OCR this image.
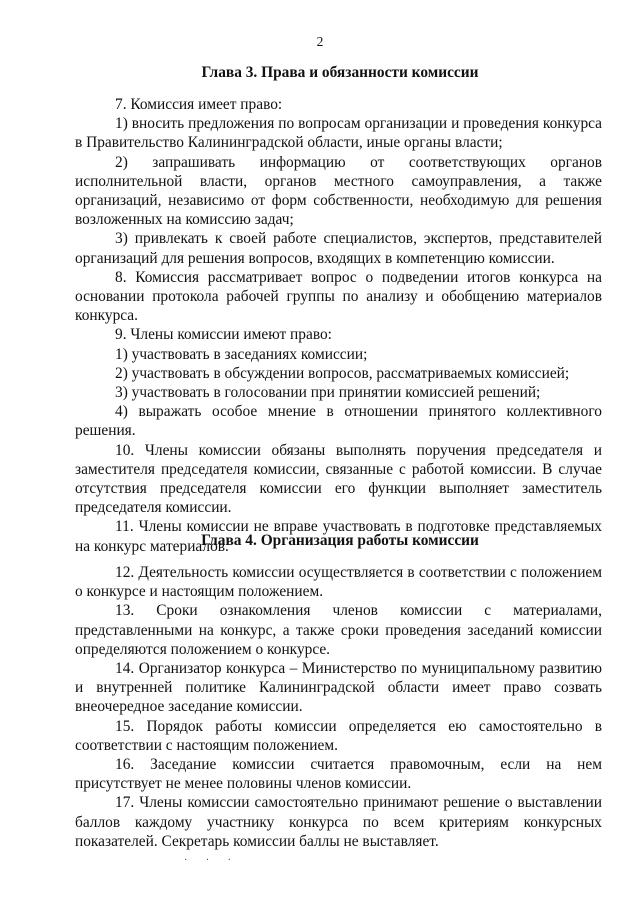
2
Глава 3. Права и обязанности комиссии

7. Комиссия имеет право:

1) вносить предложения по вопросам организации и проведения конкурса в Правительство Калининградской области, иные органы власти;

2) запрашивать информацию от соответствующих органов исполнительной власти, органов местного самоуправления, а также организаций, независимо от форм собственности, необходимую для решения возложенных на комиссию задач;

3) привлекать к своей работе специалистов, экспертов, представителей организаций для решения вопросов, входящих в компетенцию комиссии.

8. Комиссия рассматривает вопрос о подведении итогов конкурса на основании протокола рабочей группы по анализу и обобщению материалов конкурса.

9. Члены комиссии имеют право:

1) участвовать в заседаниях комиссии;

2) участвовать в обсуждении вопросов, рассматриваемых комиссией;

3) участвовать в голосовании при принятии комиссией решений;

4) выражать особое мнение в отношении принятого коллективного решения.

10. Члены комиссии обязаны выполнять поручения председателя и заместителя председателя комиссии, связанные с работой комиссии. В случае отсутствия председателя комиссии его функции выполняет заместитель председателя комиссии.

11. Члены комиссии не вправе участвовать в подготовке представляемых на конкурс материалов.

Глава 4. Организация работы комиссии

12. Деятельность комиссии осуществляется в соответствии с положением о конкурсе и настоящим положением.

13. Сроки ознакомления членов комиссии с материалами, представленными на конкурс, а также сроки проведения заседаний комиссии определяются положением о конкурсе.

14. Организатор конкурса – Министерство по муниципальному развитию и внутренней политике Калининградской области имеет право созвать внеочередное заседание комиссии.

15. Порядок работы комиссии определяется ею самостоятельно в соответствии с настоящим положением.

16. Заседание комиссии считается правомочным, если на нем присутствует не менее половины членов комиссии.

17. Члены комиссии самостоятельно принимают решение о выставлении баллов каждому участнику конкурса по всем критериям конкурсных показателей. Секретарь комиссии баллы не выставляет.

· · ·
